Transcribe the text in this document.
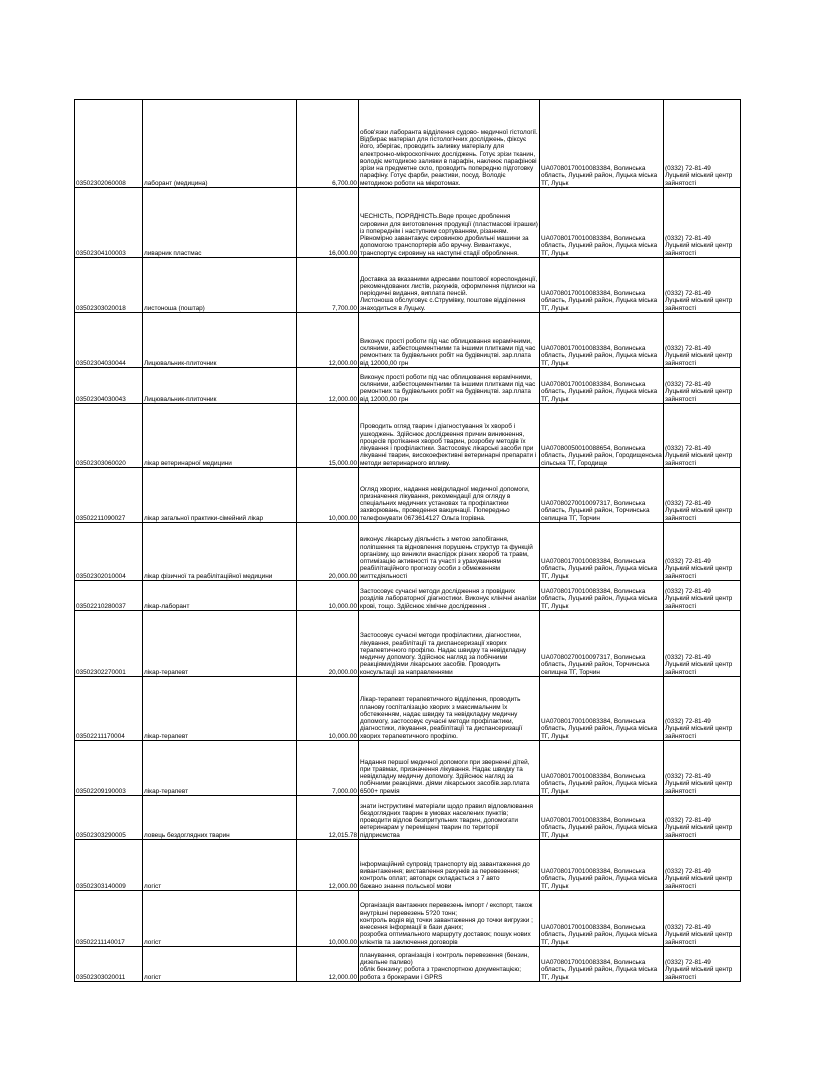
03502302060008	лаборант (медицина)	6,700.00	обов'язки лаборанта відділення судово- медичної гістології. Відбирає матеріал для гістологічних досліджень, фіксує його, зберігає, проводить заливку матеріалу для електронно-мікроскопічних досліджень. Готує зрізи тканин, володіє методикою заливки в парафін, наклеює парафінові зрізи на предметне скло, проводить попередню підготовку парафіну. Готує фарби, реактиви, посуд. Володіє методикою роботи на мікротомах.	UA07080170010083384, Волинська область, Луцький район, Луцька міська ТГ, Луцьк	(0332) 72-81-49
Луцький міський центр зайнятості
03502304100003	ливарник пластмас	16,000.00	ЧЕСНІСТЬ, ПОРЯДНІСТЬ.Веде процес дроблення сировини для виготовлення продукції (пластмасові іграшки) із попереднім і наступним сортуванням, різанням. Рівномірно завантажує сировиною дробильні машини за допомогою транспортерів або вручну. Вивантажує, транспортує сировину на наступні стадії оброблення.	UA07080170010083384, Волинська область, Луцький район, Луцька міська ТГ, Луцьк	(0332) 72-81-49
Луцький міський центр зайнятості
03502303020018	листоноша (поштар)	7,700.00	Доставка за вказаними адресами поштової кореспонденції, рекомендованих листів, рахунків, оформлення підписки на періодичні видання, виплата пенсій.
Листоноша обслуговує с.Струмівку, поштове відділення знаходиться в Луцьку.	UA07080170010083384, Волинська область, Луцький район, Луцька міська ТГ, Луцьк	(0332) 72-81-49
Луцький міський центр зайнятості
03502304030044	Лицювальник-плиточник	12,000.00	Виконує прості роботи під час облицювання керамічними, скляними, азбестоцементними та іншими плитками під час ремонтних та будівельних робіт на будівництві. зар.плата від 12000,00 грн	UA07080170010083384, Волинська область, Луцький район, Луцька міська ТГ, Луцьк	(0332) 72-81-49
Луцький міський центр зайнятості
03502304030043	Лицювальник-плиточник	12,000.00	Виконує прості роботи під час облицювання керамічними, скляними, азбестоцементними та іншими плитками під час ремонтних та будівельних робіт на будівництві. зар.плата від 12000,00 грн	UA07080170010083384, Волинська область, Луцький район, Луцька міська ТГ, Луцьк	(0332) 72-81-49
Луцький міський центр зайнятості
03502303060020	лікар ветеринарної медицини	15,000.00	Проводить огляд тварин і діагностування їх хвороб і ушкоджень. Здійснює дослідження причин виникнення, процесів протікання хвороб тварин, розробку методів їх лікування і профілактики. Застосовує лікарські засоби при лікуванні тварин, високоефективні ветеринарні препарати і методи ветеринарного впливу.	UA07080050010088654, Волинська область, Луцький район, Городищенська сільська ТГ, Городище	(0332) 72-81-49
Луцький міський центр зайнятості
03502211090027	лікар загальної практики-сімейний лікар	10,000.00	Огляд хворих, надання невідкладної медичної допомоги, призначення лікування, рекомендації для огляду в спеціальних медичних установах та профілактики захворювань, проведення вакцинації. Попередньо телефонувати 0673614127 Ольга Ігорівна.	UA07080270010097317, Волинська область, Луцький район, Торчинська селищна ТГ, Торчин	(0332) 72-81-49
Луцький міський центр зайнятості
03502302010004	лікар фізичної та реабілітаційної медицини	20,000.00	виконує лікарську діяльність з метою запобігання, поліпшення та відновлення порушень структур та функцій організму, що виникли внаслідок різних хвороб та травм, оптимізацію активності та участі з урахуванням реабілітаційного прогнозу особи з обмеженням життєдіяльності	UA07080170010083384, Волинська область, Луцький район, Луцька міська ТГ, Луцьк	(0332) 72-81-49
Луцький міський центр зайнятості
03502210280037	лікар-лаборант	10,000.00	Застосовує сучасні методи дослідження з провідних розділів лабораторної діагностики. Виконує клінічні аналізи крові, тощо. Здійснює хімічне дослідження .	UA07080170010083384, Волинська область, Луцький район, Луцька міська ТГ, Луцьк	(0332) 72-81-49
Луцький міський центр зайнятості
03502302270001	лікар-терапевт	20,000.00	Застосовує сучасні методи профілактики, діагностики, лікування, реабілітації та диспансеризації хворих терапевтичного профілю. Надає швидку та невідкладну медичну допомогу. Здійснює нагляд за побічними реакціями/діями лікарських засобів. Проводить консультації за направленнями	UA07080270010097317, Волинська область, Луцький район, Торчинська селищна ТГ, Торчин	(0332) 72-81-49
Луцький міський центр зайнятості
03502211170004	лікар-терапевт	10,000.00	Лікар-терапевт терапевтичного відділення, проводить планову госпіталізацію хворих з максимальним їх обстеженням, надає швидку та невідкладну медичну допомогу, застосовує сучасні методи профілактики, діагностики, лікування, реабілітації та диспансеризації хворих терапевтичного профілю.	UA07080170010083384, Волинська область, Луцький район, Луцька міська ТГ, Луцьк	(0332) 72-81-49
Луцький міський центр зайнятості
03502209190003	лікар-терапевт	7,000.00	Надання першої медичної допомоги при зверненні дітей, при травмах, призначення лікування. Надає швидку та невідкладну медичну допомогу. Здійснює нагляд за побічними реакціями. діями лікарських засобів.зар.плата 6500+ премія	UA07080170010083384, Волинська область, Луцький район, Луцька міська ТГ, Луцьк	(0332) 72-81-49
Луцький міський центр зайнятості
03502303290005	ловець бездоглядних тварин	12,015.78	знати інструктивні матеріали щодо правил відловлювання бездоглядних тварин в умовах населених пунктів; проводити відлов безпритульних тварин, допомогати ветеринарам у переміщені тварин по території підприємства	UA07080170010083384, Волинська область, Луцький район, Луцька міська ТГ, Луцьк	(0332) 72-81-49
Луцький міський центр зайнятості
03502303140009	логіст	12,000.00	інформаційний супровід транспорту від завантаження до вивантаження; виставлення рахунків за перевезення; контроль оплат; автопарк складається з 7 авто
бажано знання польської мови	UA07080170010083384, Волинська область, Луцький район, Луцька міська ТГ, Луцьк	(0332) 72-81-49
Луцький міський центр зайнятості
03502211140017	логіст	10,000.00	Організація вантажних перевезень імпорт / експорт, також внутрішні перевезень 5?20 тонн;
контроль водія від точки завантаження до точки вигрузки ; внесення інформації в бази даних;
розробка оптимального маршруту доставок; пошук нових клієнтів та заключення договорів	UA07080170010083384, Волинська область, Луцький район, Луцька міська ТГ, Луцьк	(0332) 72-81-49
Луцький міський центр зайнятості
03502303020011	логіст	12,000.00	планування, організація і контроль перевезення (бензин, дизельне паливо)
облік бензину; робота з транспортною документацією; робота з брокерами і GPRS	UA07080170010083384, Волинська область, Луцький район, Луцька міська ТГ, Луцьк	(0332) 72-81-49
Луцький міський центр зайнятості
